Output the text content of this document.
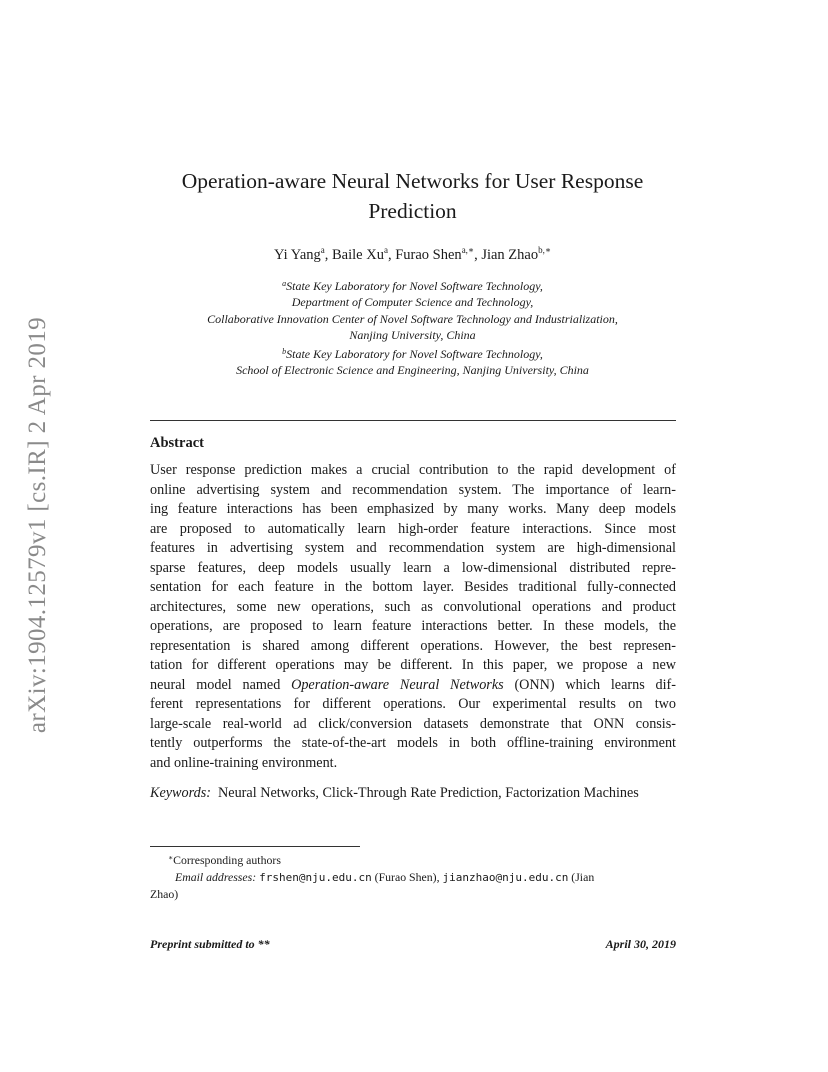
arXiv:1904.12579v1 [cs.IR] 2 Apr 2019
Operation-aware Neural Networks for User Response
Prediction
Yi Yang$^a$, Baile Xu$^a$, Furao Shen$^{a,∗}$, Jian Zhao$^{b,∗}$
$^a$State Key Laboratory for Novel Software Technology,
Department of Computer Science and Technology,
Collaborative Innovation Center of Novel Software Technology and Industrialization,
Nanjing University, China
$^b$State Key Laboratory for Novel Software Technology,
School of Electronic Science and Engineering, Nanjing University, China
Abstract
User response prediction makes a crucial contribution to the rapid development of
online advertising system and recommendation system. The importance of learn-
ing feature interactions has been emphasized by many works. Many deep models
are proposed to automatically learn high-order feature interactions. Since most
features in advertising system and recommendation system are high-dimensional
sparse features, deep models usually learn a low-dimensional distributed repre-
sentation for each feature in the bottom layer. Besides traditional fully-connected
architectures, some new operations, such as convolutional operations and product
operations, are proposed to learn feature interactions better. In these models, the
representation is shared among different operations. However, the best represen-
tation for different operations may be different. In this paper, we propose a new
neural model named Operation-aware Neural Networks (ONN) which learns dif-
ferent representations for different operations. Our experimental results on two
large-scale real-world ad click/conversion datasets demonstrate that ONN consis-
tently outperforms the state-of-the-art models in both offline-training environment
and online-training environment.
Keywords: Neural Networks, Click-Through Rate Prediction, Factorization Machines
∗Corresponding authors
Email addresses: frshen@nju.edu.cn (Furao Shen), jianzhao@nju.edu.cn (Jian
Zhao)
Preprint submitted to **	April 30, 2019
